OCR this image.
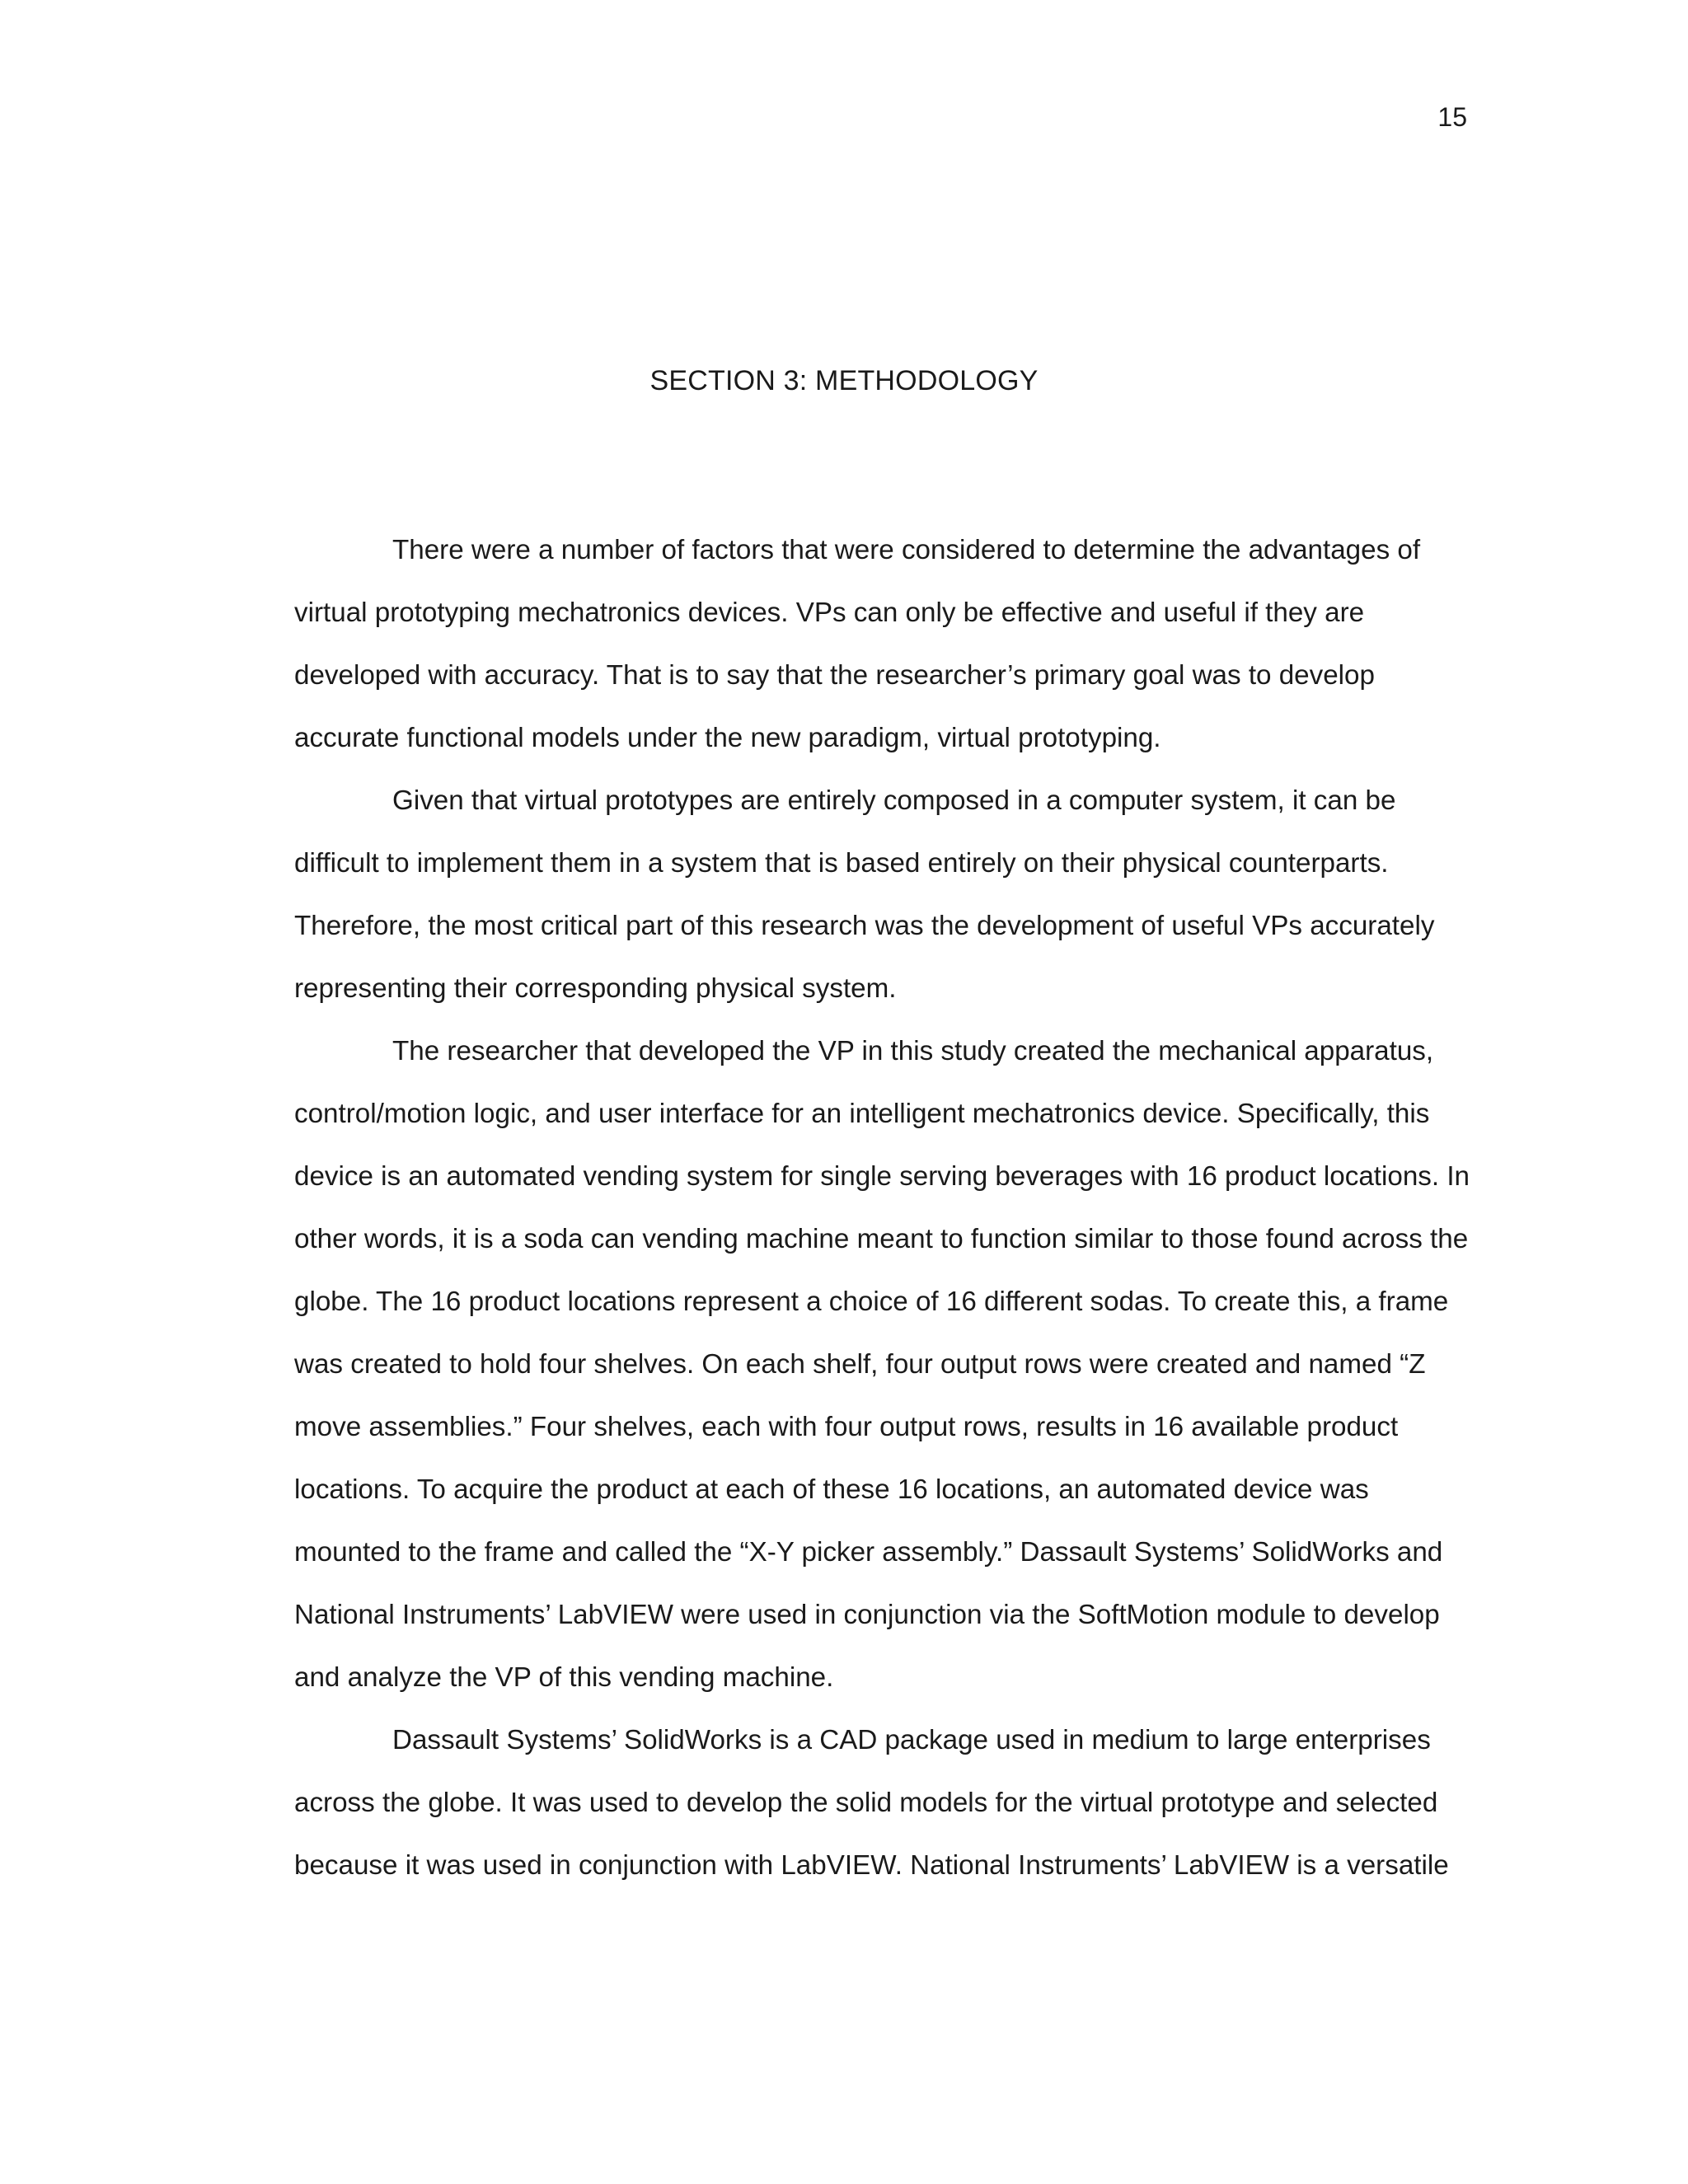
15
SECTION 3: METHODOLOGY

There were a number of factors that were considered to determine the advantages of
virtual prototyping mechatronics devices. VPs can only be effective and useful if they are
developed with accuracy. That is to say that the researcher’s primary goal was to develop
accurate functional models under the new paradigm, virtual prototyping.

Given that virtual prototypes are entirely composed in a computer system, it can be
difficult to implement them in a system that is based entirely on their physical counterparts.
Therefore, the most critical part of this research was the development of useful VPs accurately
representing their corresponding physical system.

The researcher that developed the VP in this study created the mechanical apparatus,
control/motion logic, and user interface for an intelligent mechatronics device. Specifically, this
device is an automated vending system for single serving beverages with 16 product locations. In
other words, it is a soda can vending machine meant to function similar to those found across the
globe. The 16 product locations represent a choice of 16 different sodas. To create this, a frame
was created to hold four shelves. On each shelf, four output rows were created and named “Z
move assemblies.” Four shelves, each with four output rows, results in 16 available product
locations. To acquire the product at each of these 16 locations, an automated device was
mounted to the frame and called the “X-Y picker assembly.” Dassault Systems’ SolidWorks and
National Instruments’ LabVIEW were used in conjunction via the SoftMotion module to develop
and analyze the VP of this vending machine.

Dassault Systems’ SolidWorks is a CAD package used in medium to large enterprises
across the globe. It was used to develop the solid models for the virtual prototype and selected
because it was used in conjunction with LabVIEW. National Instruments’ LabVIEW is a versatile
